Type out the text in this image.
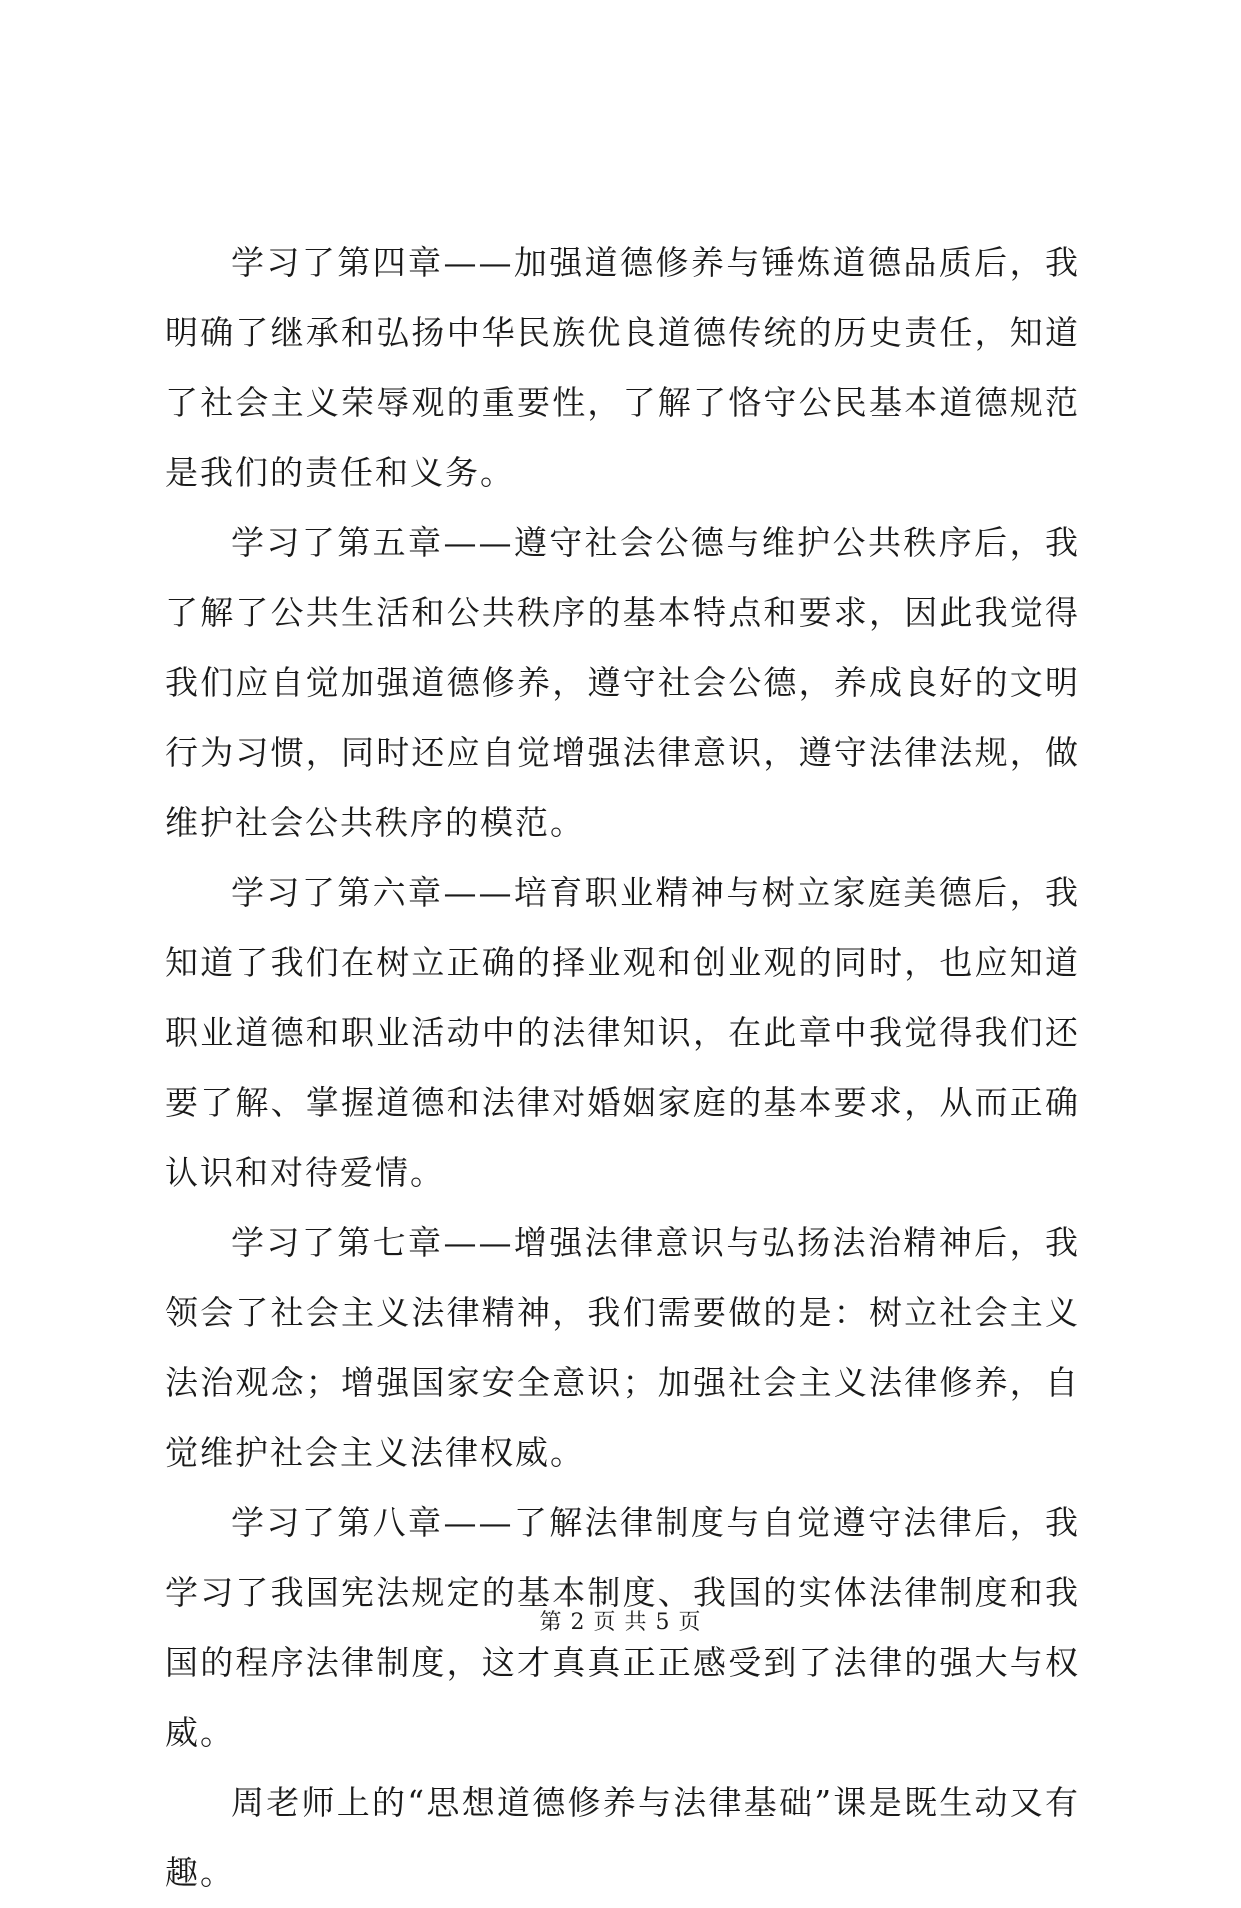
学习了第四章——加强道德修养与锤炼道德品质后，我明确了继承和弘扬中华民族优良道德传统的历史责任，知道了社会主义荣辱观的重要性，了解了恪守公民基本道德规范是我们的责任和义务。

学习了第五章——遵守社会公德与维护公共秩序后，我了解了公共生活和公共秩序的基本特点和要求，因此我觉得我们应自觉加强道德修养，遵守社会公德，养成良好的文明行为习惯，同时还应自觉增强法律意识，遵守法律法规，做维护社会公共秩序的模范。

学习了第六章——培育职业精神与树立家庭美德后，我知道了我们在树立正确的择业观和创业观的同时，也应知道职业道德和职业活动中的法律知识，在此章中我觉得我们还要了解、掌握道德和法律对婚姻家庭的基本要求，从而正确认识和对待爱情。

学习了第七章——增强法律意识与弘扬法治精神后，我领会了社会主义法律精神，我们需要做的是：树立社会主义法治观念；增强国家安全意识；加强社会主义法律修养，自觉维护社会主义法律权威。

学习了第八章——了解法律制度与自觉遵守法律后，我学习了我国宪法规定的基本制度、我国的实体法律制度和我国的程序法律制度，这才真真正正感受到了法律的强大与权威。

周老师上的“思想道德修养与法律基础”课是既生动又有趣。

第 2 页 共 5 页
